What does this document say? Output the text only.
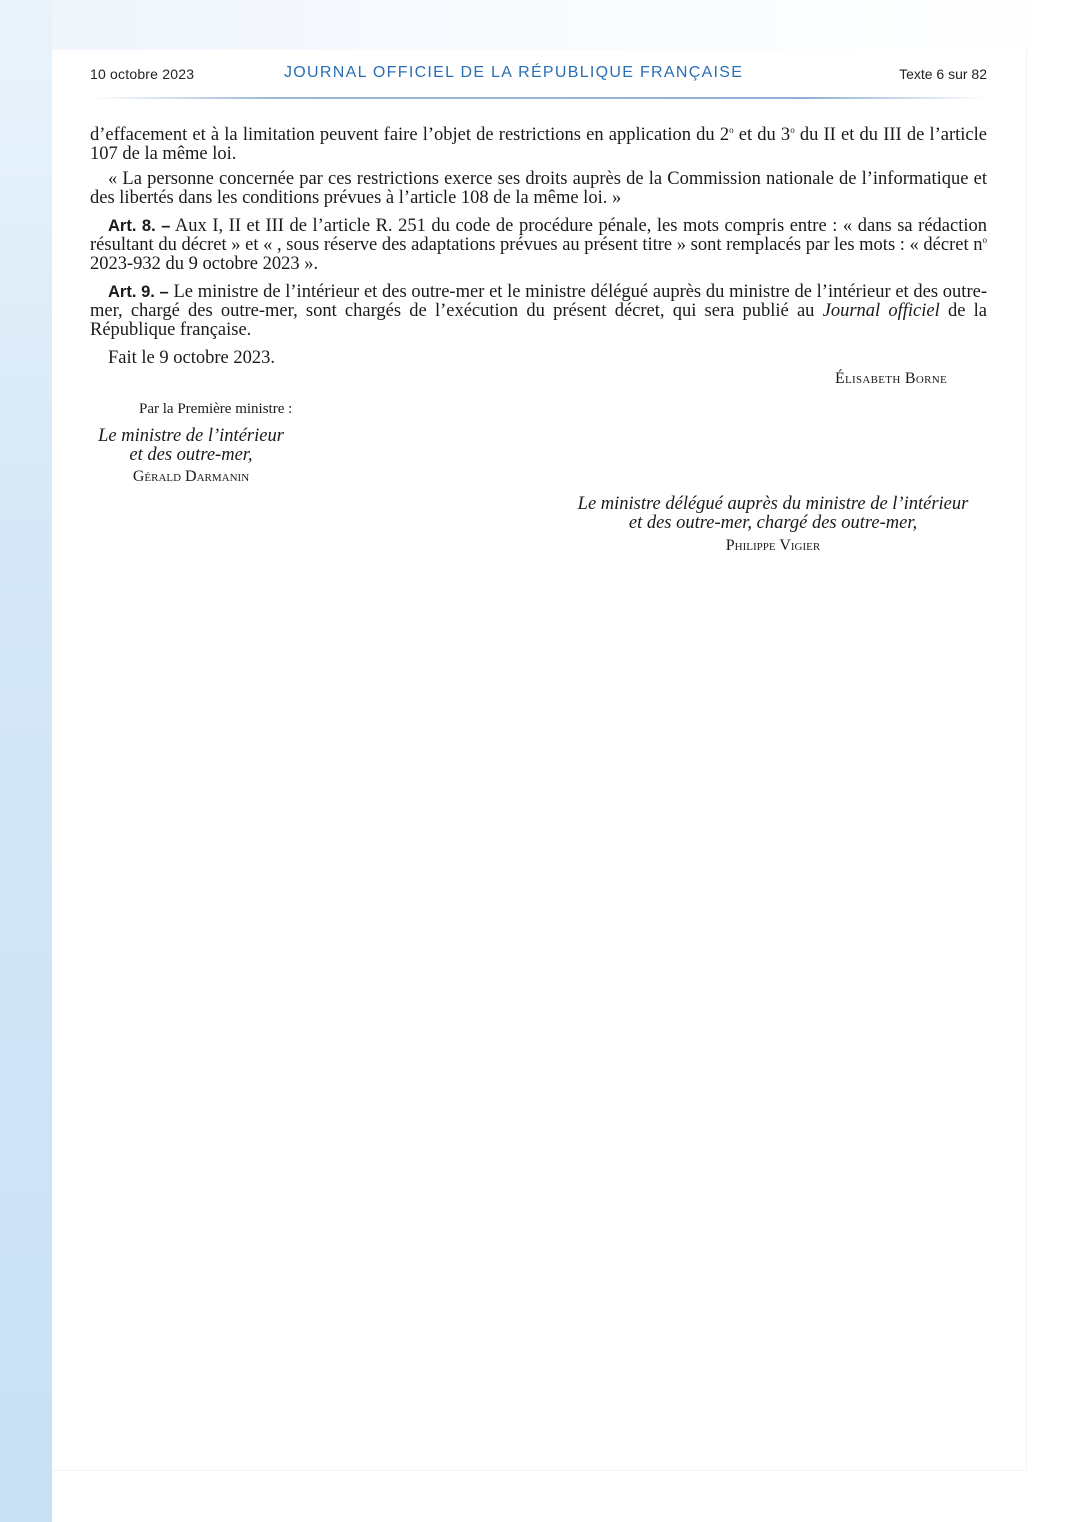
10 octobre 2023	JOURNAL OFFICIEL DE LA RÉPUBLIQUE FRANÇAISE	Texte 6 sur 82

d’effacement et à la limitation peuvent faire l’objet de restrictions en application du 2$^o$ et du 3$^o$ du II et du III de l’article 107 de la même loi.

« La personne concernée par ces restrictions exerce ses droits auprès de la Commission nationale de l’informatique et des libertés dans les conditions prévues à l’article 108 de la même loi. »

Art. 8. – Aux I, II et III de l’article R. 251 du code de procédure pénale, les mots compris entre : « dans sa rédaction résultant du décret » et « , sous réserve des adaptations prévues au présent titre » sont remplacés par les mots : « décret $n^o$ 2023-932 du 9 octobre 2023 ».

Art. 9. – Le ministre de l’intérieur et des outre-mer et le ministre délégué auprès du ministre de l’intérieur et des outre-mer, chargé des outre-mer, sont chargés de l’exécution du présent décret, qui sera publié au Journal officiel de la République française.

Fait le 9 octobre 2023.

Élisabeth Borne
Par la Première ministre :
Le ministre de l’intérieur
et des outre-mer,
Gérald Darmanin
Le ministre délégué auprès du ministre de l’intérieur
et des outre-mer, chargé des outre-mer,
Philippe Vigier
